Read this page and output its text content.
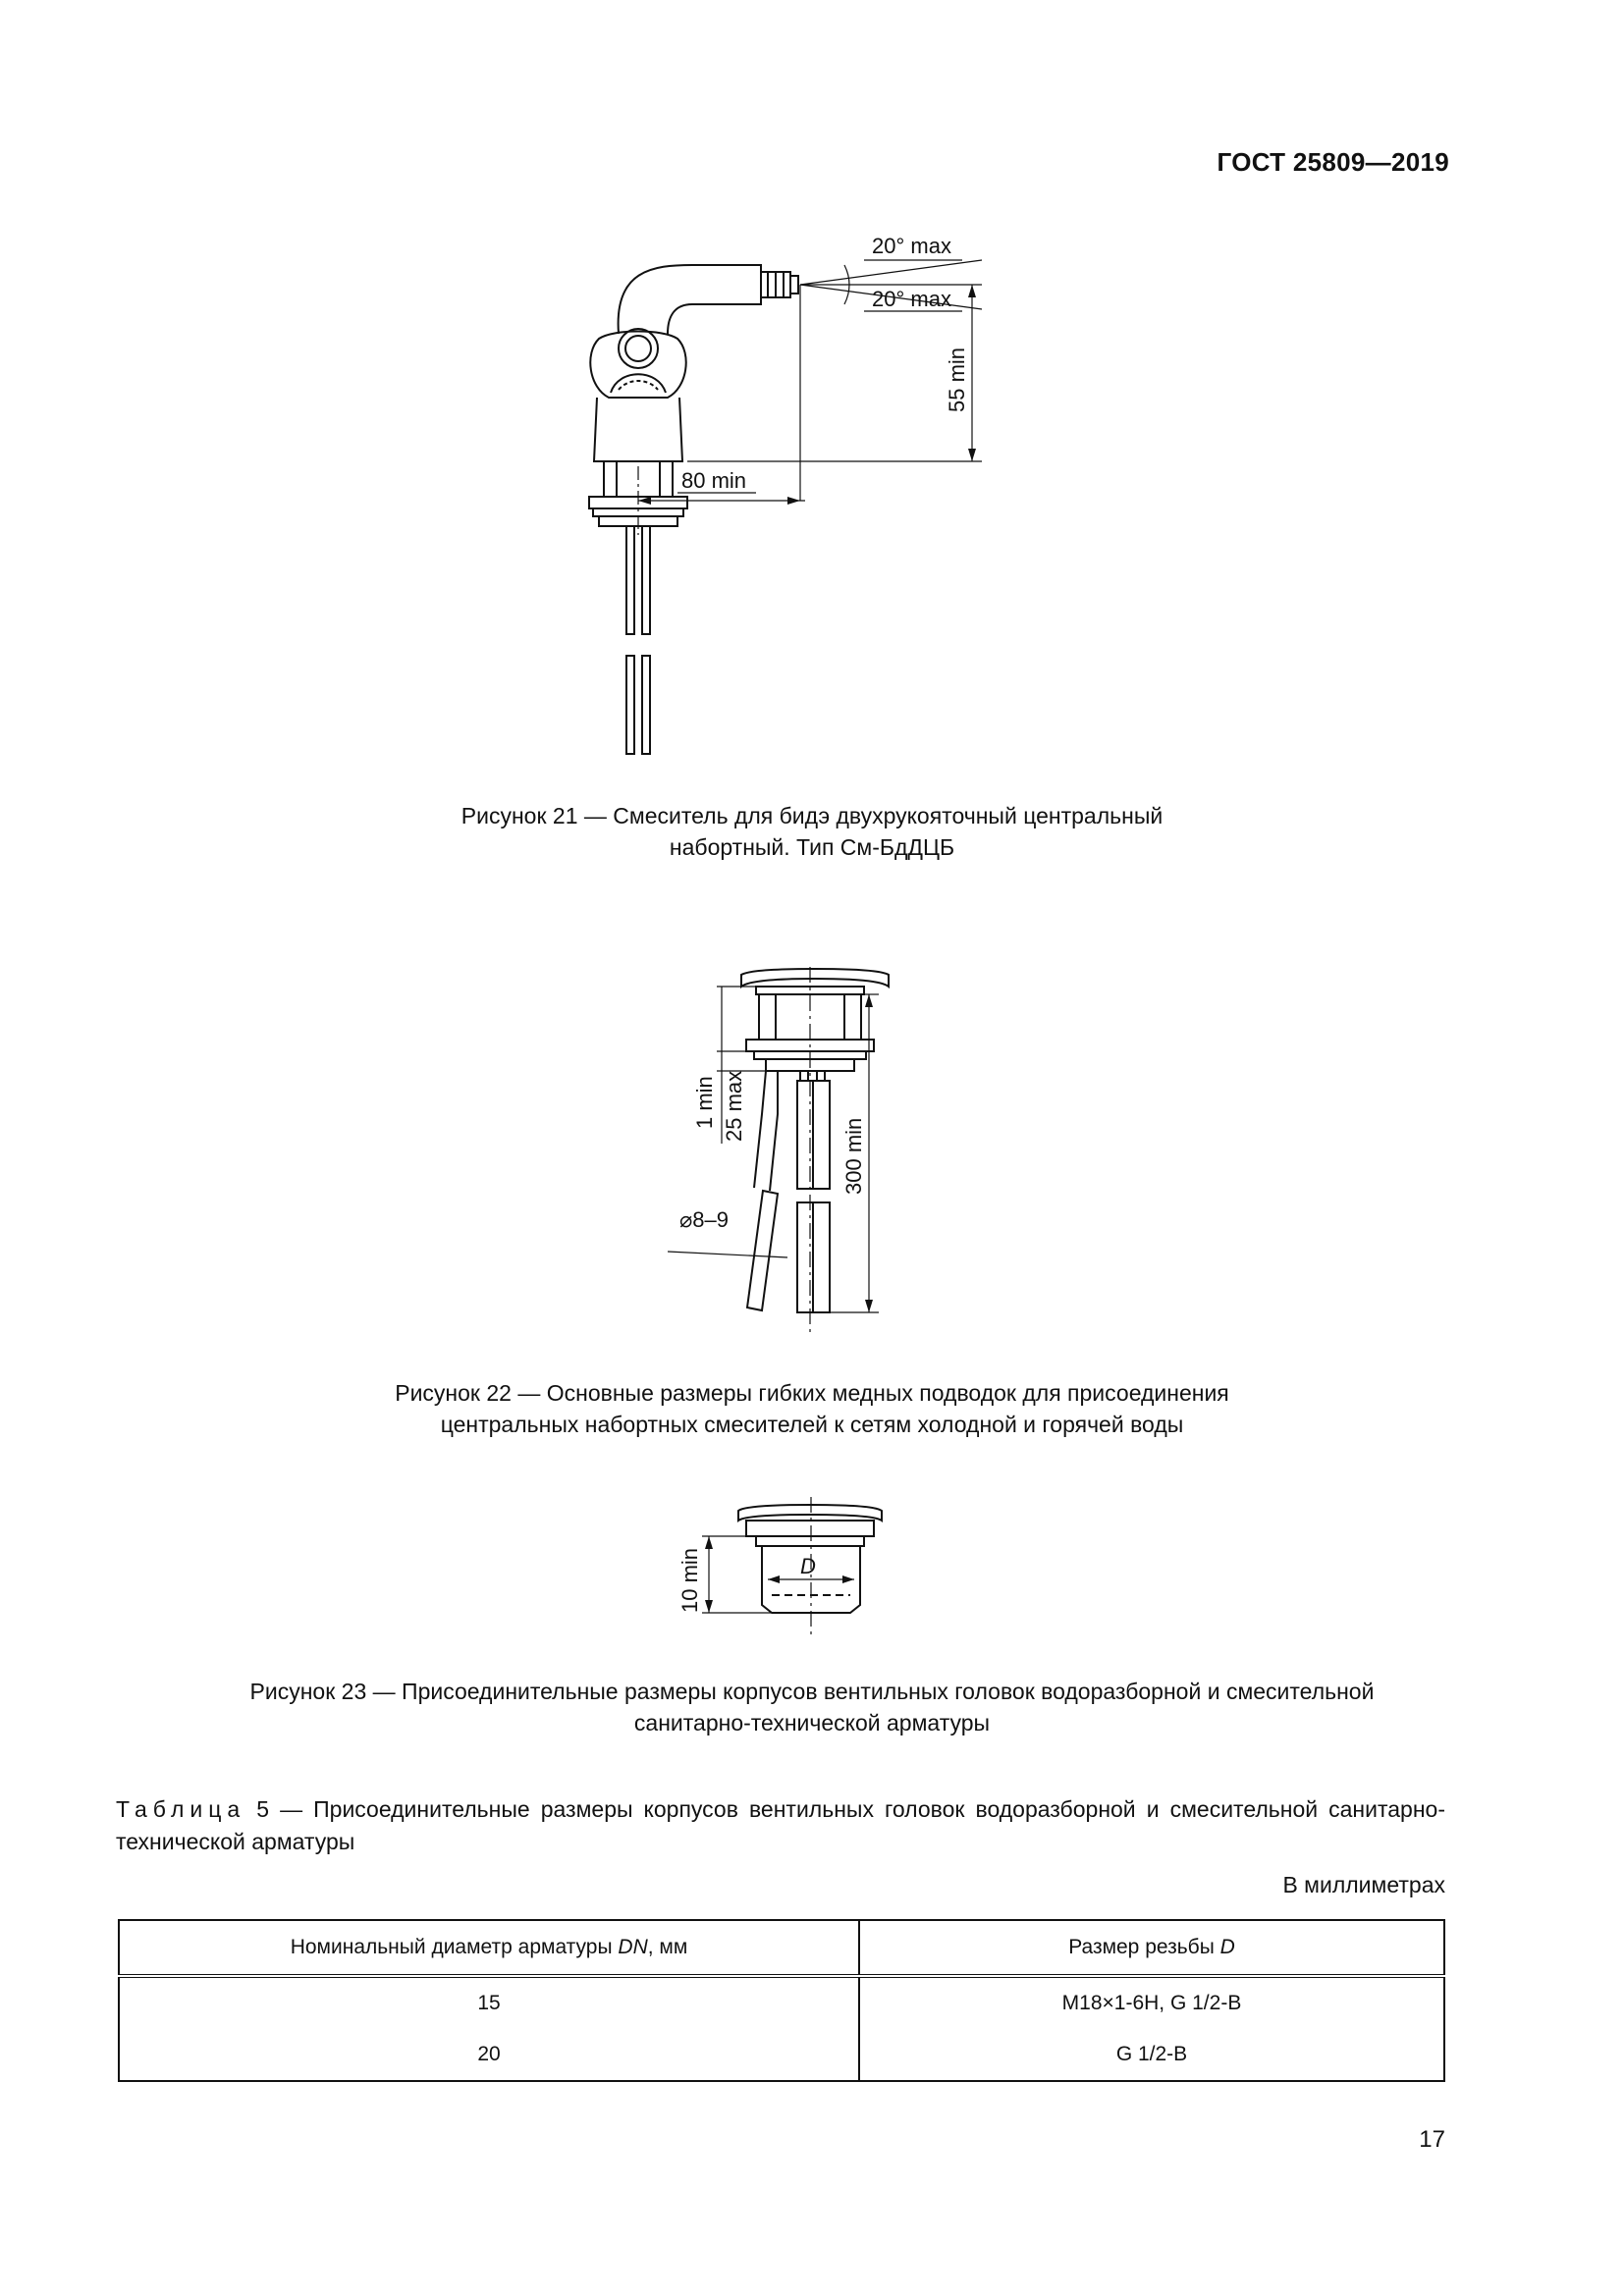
ГОСТ 25809—2019
20° max
20° max
55 min
80 min

Рисунок 21 — Смеситель для бидэ двухрукояточный центральный
набортный. Тип См-БдДЦБ

1 min 25 max
300 min
⌀8–9

Рисунок 22 — Основные размеры гибких медных подводок для присоединения
центральных набортных смесителей к сетям холодной и горячей воды

10 min	D

Рисунок 23 — Присоединительные размеры корпусов вентильных головок водоразборной и смесительной
санитарно-технической арматуры

Таблица 5 — Присоединительные размеры корпусов вентильных головок водоразборной и смесительной санитарно-технической арматуры

В миллиметрах
Номинальный диаметр арматуры DN, мм	Размер резьбы D
15	M18×1-6H, G 1/2-B
20	G 1/2-B
17
